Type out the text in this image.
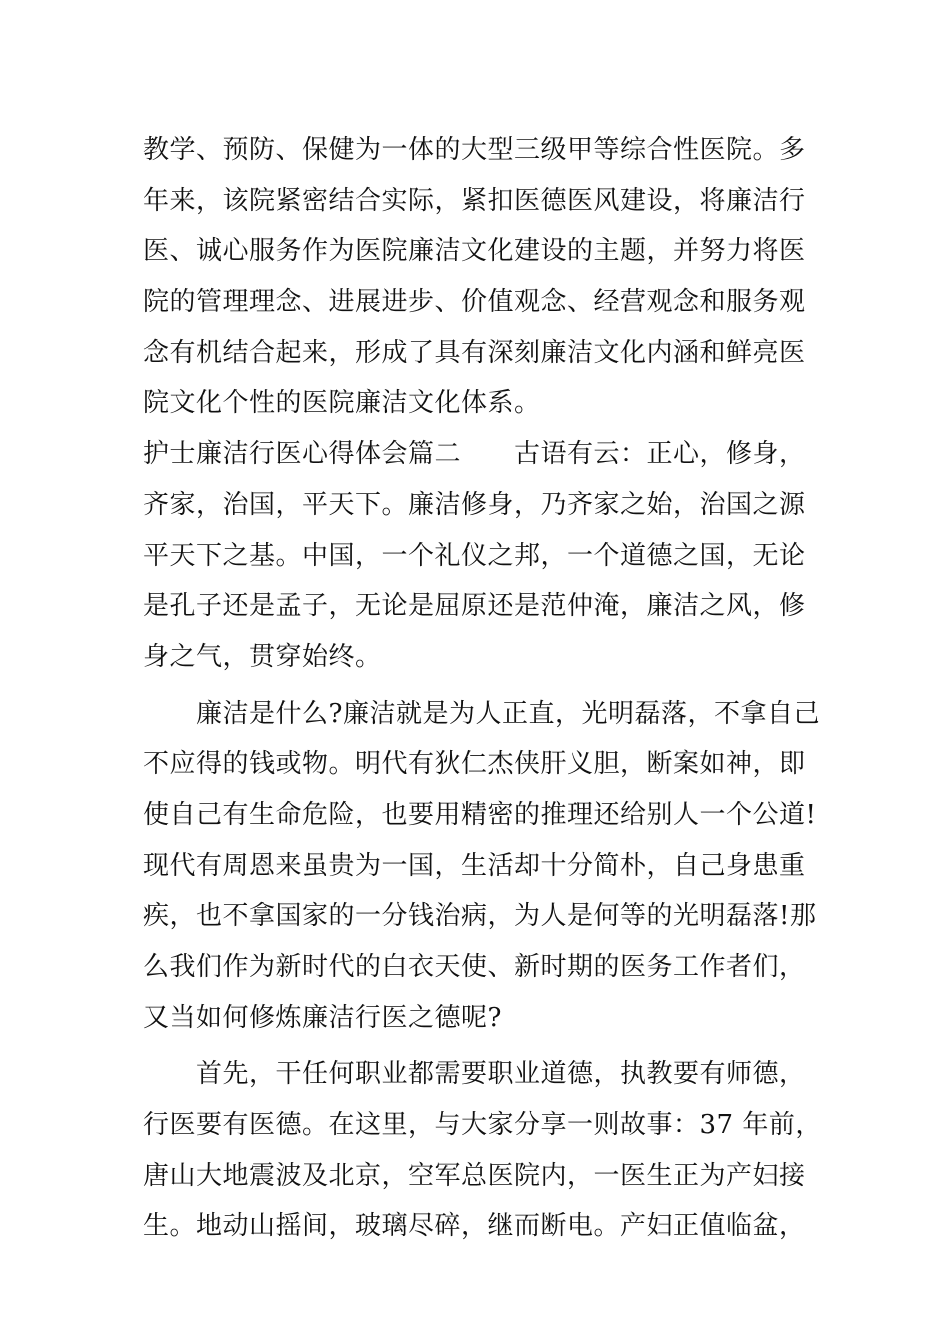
教学、预防、保健为一体的大型三级甲等综合性医院。多
年来，该院紧密结合实际，紧扣医德医风建设，将廉洁行
医、诚心服务作为医院廉洁文化建设的主题，并努力将医
院的管理理念、进展进步、价值观念、经营观念和服务观
念有机结合起来，形成了具有深刻廉洁文化内涵和鲜亮医
院文化个性的医院廉洁文化体系。
护士廉洁行医心得体会篇二　　古语有云：正心，修身，
齐家，治国，平天下。廉洁修身，乃齐家之始，治国之源
平天下之基。中国，一个礼仪之邦，一个道德之国，无论
是孔子还是孟子，无论是屈原还是范仲淹，廉洁之风，修
身之气，贯穿始终。
　　廉洁是什么?廉洁就是为人正直，光明磊落，不拿自己
不应得的钱或物。明代有狄仁杰侠肝义胆，断案如神，即
使自己有生命危险，也要用精密的推理还给别人一个公道!
现代有周恩来虽贵为一国，生活却十分简朴，自己身患重
疾，也不拿国家的一分钱治病，为人是何等的光明磊落!那
么我们作为新时代的白衣天使、新时期的医务工作者们，
又当如何修炼廉洁行医之德呢?
　　首先，干任何职业都需要职业道德，执教要有师德，
行医要有医德。在这里，与大家分享一则故事：37 年前，
唐山大地震波及北京，空军总医院内，一医生正为产妇接
生。地动山摇间，玻璃尽碎，继而断电。产妇正值临盆，
